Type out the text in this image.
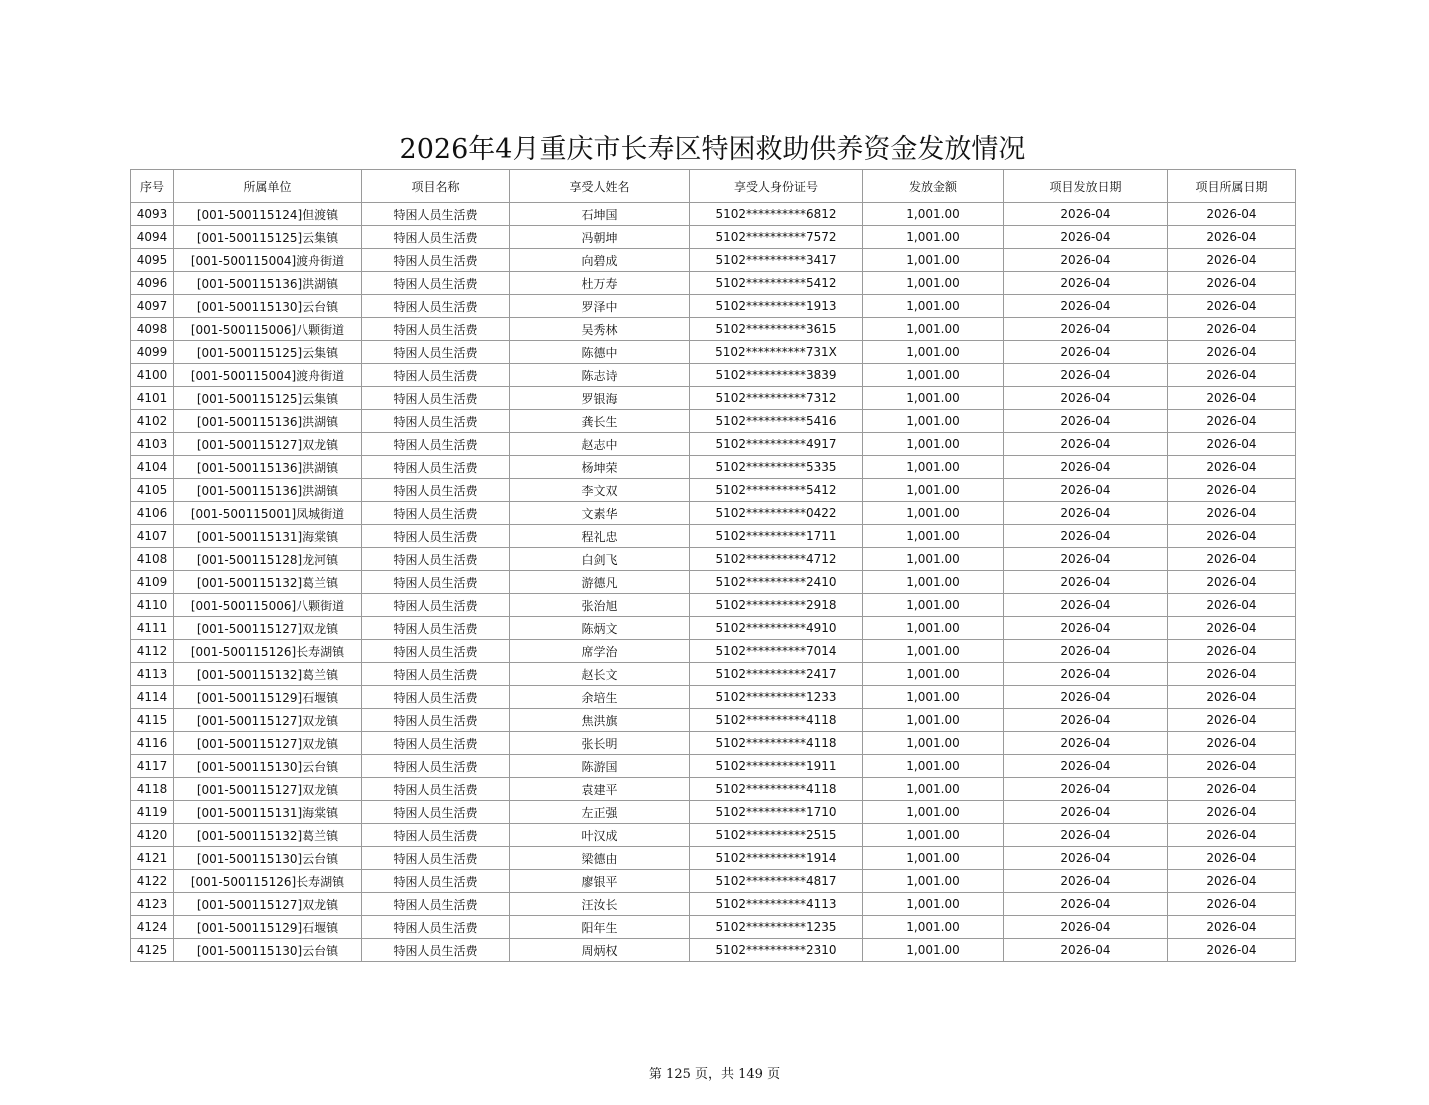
2026年4月重庆市长寿区特困救助供养资金发放情况
序号	所属单位	项目名称	享受人姓名	享受人身份证号	发放金额	项目发放日期	项目所属日期
4093	[001-500115124]但渡镇	特困人员生活费	石坤国	5102**********6812	1,001.00	2026-04	2026-04
4094	[001-500115125]云集镇	特困人员生活费	冯朝坤	5102**********7572	1,001.00	2026-04	2026-04
4095	[001-500115004]渡舟街道	特困人员生活费	向碧成	5102**********3417	1,001.00	2026-04	2026-04
4096	[001-500115136]洪湖镇	特困人员生活费	杜万寿	5102**********5412	1,001.00	2026-04	2026-04
4097	[001-500115130]云台镇	特困人员生活费	罗泽中	5102**********1913	1,001.00	2026-04	2026-04
4098	[001-500115006]八颗街道	特困人员生活费	吴秀林	5102**********3615	1,001.00	2026-04	2026-04
4099	[001-500115125]云集镇	特困人员生活费	陈德中	5102**********731X	1,001.00	2026-04	2026-04
4100	[001-500115004]渡舟街道	特困人员生活费	陈志诗	5102**********3839	1,001.00	2026-04	2026-04
4101	[001-500115125]云集镇	特困人员生活费	罗银海	5102**********7312	1,001.00	2026-04	2026-04
4102	[001-500115136]洪湖镇	特困人员生活费	龚长生	5102**********5416	1,001.00	2026-04	2026-04
4103	[001-500115127]双龙镇	特困人员生活费	赵志中	5102**********4917	1,001.00	2026-04	2026-04
4104	[001-500115136]洪湖镇	特困人员生活费	杨坤荣	5102**********5335	1,001.00	2026-04	2026-04
4105	[001-500115136]洪湖镇	特困人员生活费	李文双	5102**********5412	1,001.00	2026-04	2026-04
4106	[001-500115001]凤城街道	特困人员生活费	文素华	5102**********0422	1,001.00	2026-04	2026-04
4107	[001-500115131]海棠镇	特困人员生活费	程礼忠	5102**********1711	1,001.00	2026-04	2026-04
4108	[001-500115128]龙河镇	特困人员生活费	白剑飞	5102**********4712	1,001.00	2026-04	2026-04
4109	[001-500115132]葛兰镇	特困人员生活费	游德凡	5102**********2410	1,001.00	2026-04	2026-04
4110	[001-500115006]八颗街道	特困人员生活费	张治旭	5102**********2918	1,001.00	2026-04	2026-04
4111	[001-500115127]双龙镇	特困人员生活费	陈炳文	5102**********4910	1,001.00	2026-04	2026-04
4112	[001-500115126]长寿湖镇	特困人员生活费	席学治	5102**********7014	1,001.00	2026-04	2026-04
4113	[001-500115132]葛兰镇	特困人员生活费	赵长文	5102**********2417	1,001.00	2026-04	2026-04
4114	[001-500115129]石堰镇	特困人员生活费	余培生	5102**********1233	1,001.00	2026-04	2026-04
4115	[001-500115127]双龙镇	特困人员生活费	焦洪旗	5102**********4118	1,001.00	2026-04	2026-04
4116	[001-500115127]双龙镇	特困人员生活费	张长明	5102**********4118	1,001.00	2026-04	2026-04
4117	[001-500115130]云台镇	特困人员生活费	陈游国	5102**********1911	1,001.00	2026-04	2026-04
4118	[001-500115127]双龙镇	特困人员生活费	袁建平	5102**********4118	1,001.00	2026-04	2026-04
4119	[001-500115131]海棠镇	特困人员生活费	左正强	5102**********1710	1,001.00	2026-04	2026-04
4120	[001-500115132]葛兰镇	特困人员生活费	叶汉成	5102**********2515	1,001.00	2026-04	2026-04
4121	[001-500115130]云台镇	特困人员生活费	梁德由	5102**********1914	1,001.00	2026-04	2026-04
4122	[001-500115126]长寿湖镇	特困人员生活费	廖银平	5102**********4817	1,001.00	2026-04	2026-04
4123	[001-500115127]双龙镇	特困人员生活费	汪汝长	5102**********4113	1,001.00	2026-04	2026-04
4124	[001-500115129]石堰镇	特困人员生活费	阳年生	5102**********1235	1,001.00	2026-04	2026-04
4125	[001-500115130]云台镇	特困人员生活费	周炳权	5102**********2310	1,001.00	2026-04	2026-04
第 125 页，共 149 页
